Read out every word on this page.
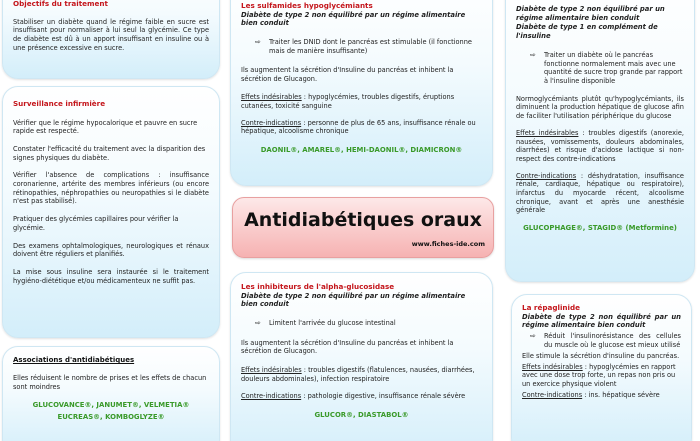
Objectifs du traitement

Stabiliser un diabète quand le régime faible en sucre est insuffisant pour normaliser à lui seul la glycémie. Ce type de diabète est dû à un apport insuffisant en insuline ou à une présence excessive en sucre.

Surveillance infirmière

Vérifier que le régime hypocalorique et pauvre en sucre rapide est respecté.

Constater l'efficacité du traitement avec la disparition des signes physiques du diabète.

Vérifier l'absence de complications : insuffisance coronarienne, artérite des membres inférieurs (ou encore rétinopathies, néphropathies ou neuropathies si le diabète n'est pas stabilisé).

Pratiquer des glycémies capillaires pour vérifier la glycémie.

Des examens ophtalmologiques, neurologiques et rénaux doivent être réguliers et planifiés.

La mise sous insuline sera instaurée si le traitement hygiéno-diététique et/ou médicamenteux ne suffit pas.

Associations d'antidiabétiques

Elles réduisent le nombre de prises et les effets de chacun sont moindres

GLUCOVANCE®, JANUMET®, VELMETIA®
EUCREAS®, KOMBOGLYZE®
Les sulfamides hypoglycémiants
Diabète de type 2 non équilibré par un régime alimentaire bien conduit
⇨	Traiter les DNID dont le pancréas est stimulable (il fonctionne mais de manière insuffisante)

Ils augmentent la sécrétion d'Insuline du pancréas et inhibent la sécrétion de Glucagon.

Effets indésirables : hypoglycémies, troubles digestifs, éruptions cutanées, toxicité sanguine

Contre-indications : personne de plus de 65 ans, insuffisance rénale ou hépatique, alcoolisme chronique

DAONIL®, AMAREL®, HEMI-DAONIL®, DIAMICRON®
Antidiabétiques oraux
www.fiches-ide.com
Les inhibiteurs de l'alpha-glucosidase
Diabète de type 2 non équilibré par un régime alimentaire bien conduit
⇨	Limitent l'arrivée du glucose intestinal

Ils augmentent la sécrétion d'Insuline du pancréas et inhibent la sécrétion de Glucagon.

Effets indésirables : troubles digestifs (flatulences, nausées, diarrhées, douleurs abdominales), infection respiratoire

Contre-indications : pathologie digestive, insuffisance rénale sévère

GLUCOR®, DIASTABOL®
Diabète de type 2 non équilibré par un régime alimentaire bien conduit
Diabète de type 1 en complément de l'insuline
⇨	Traiter un diabète où le pancréas fonctionne normalement mais avec une quantité de sucre trop grande par rapport à l'insuline disponible

Normoglycémiants plutôt qu'hypoglycémiants, ils diminuent la production hépatique de glucose afin de faciliter l'utilisation périphérique du glucose

Effets indésirables : troubles digestifs (anorexie, nausées, vomissements, douleurs abdominales, diarrhées) et risque d'acidose lactique si non-respect des contre-indications

Contre-indications : déshydratation, insuffisance rénale, cardiaque, hépatique ou respiratoire), infarctus du myocarde récent, alcoolisme chronique, avant et après une anesthésie générale

GLUCOPHAGE®, STAGID® (Metformine)
La répaglinide
Diabète de type 2 non équilibré par un régime alimentaire bien conduit
⇨	Réduit l'insulinorésistance des cellules du muscle où le glucose est mieux utilisé

Elle stimule la sécrétion d'insuline du pancréas.

Effets indésirables : hypoglycémies en rapport avec une dose trop forte, un repas non pris ou un exercice physique violent

Contre-indications : ins. hépatique sévère
